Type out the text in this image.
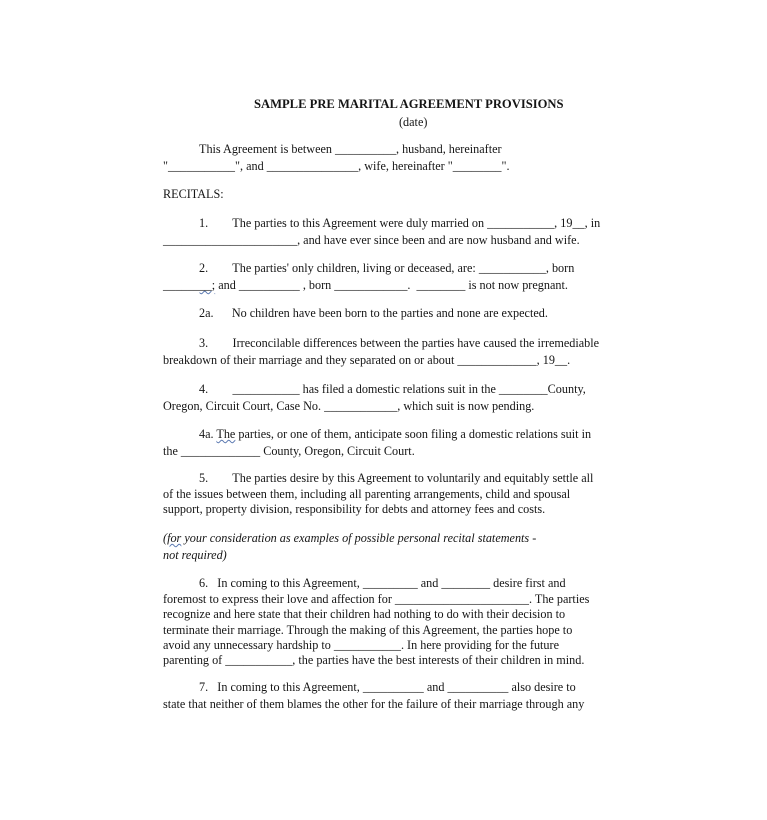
SAMPLE PRE MARITAL AGREEMENT PROVISIONS
(date)
This Agreement is between __________, husband, hereinafter
"___________", and _______________, wife, hereinafter "________".
RECITALS:
1.        The parties to this Agreement were duly married on ___________, 19__, in
______________________, and have ever since been and are now husband and wife.
2.        The parties' only children, living or deceased, are: ___________, born
________; and __________ , born ____________.  ________ is not now pregnant.
2a.      No children have been born to the parties and none are expected.
3.        Irreconcilable differences between the parties have caused the irremediable
breakdown of their marriage and they separated on or about _____________, 19__.
4.        ___________ has filed a domestic relations suit in the ________County,
Oregon, Circuit Court, Case No. ____________, which suit is now pending.
4a. The parties, or one of them, anticipate soon filing a domestic relations suit in
the _____________ County, Oregon, Circuit Court.
5.        The parties desire by this Agreement to voluntarily and equitably settle all
of the issues between them, including all parenting arrangements, child and spousal
support, property division, responsibility for debts and attorney fees and costs.
(for your consideration as examples of possible personal recital statements -
not required)
6.   In coming to this Agreement, _________ and ________ desire first and
foremost to express their love and affection for ______________________. The parties
recognize and here state that their children had nothing to do with their decision to
terminate their marriage. Through the making of this Agreement, the parties hope to
avoid any unnecessary hardship to ___________. In here providing for the future
parenting of ___________, the parties have the best interests of their children in mind.
7.   In coming to this Agreement, __________ and __________ also desire to
state that neither of them blames the other for the failure of their marriage through any
